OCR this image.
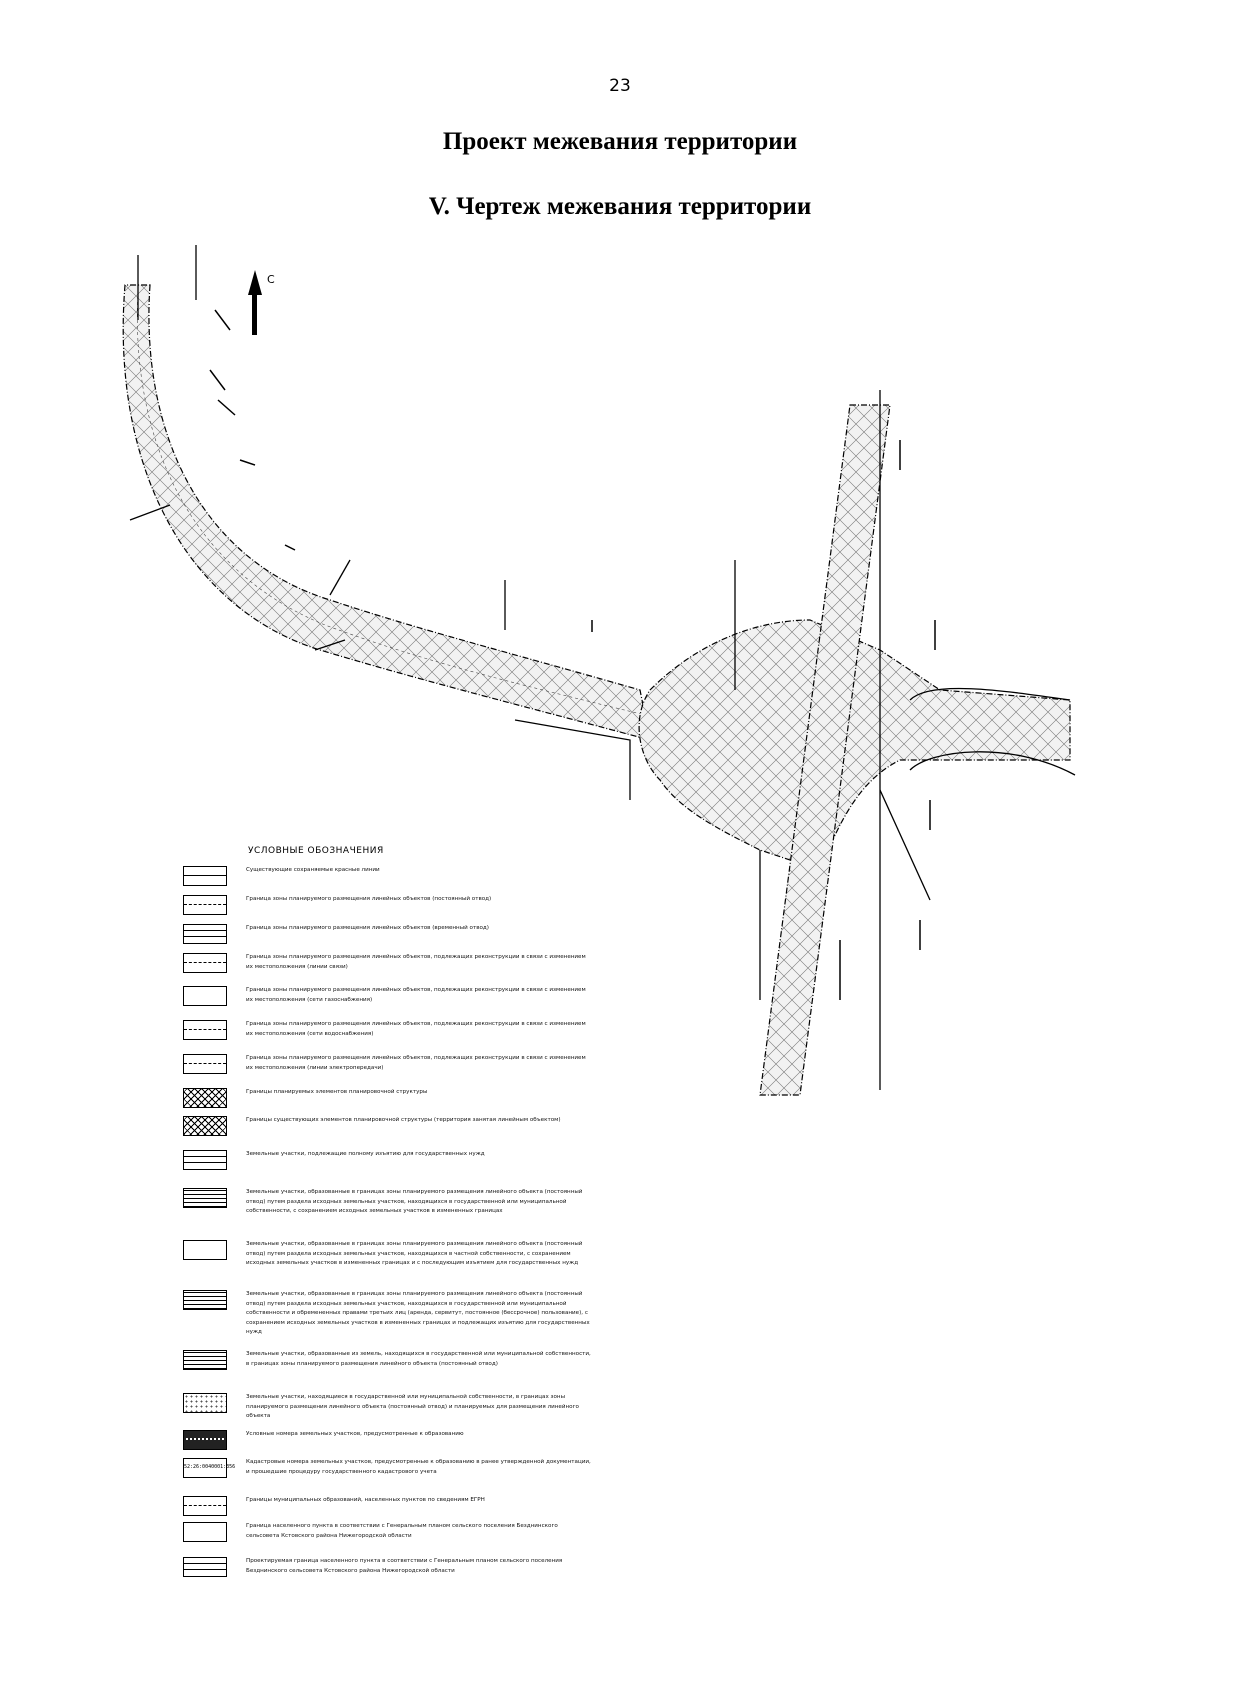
23
Проект межевания территории
V. Чертеж межевания территории
С
УСЛОВНЫЕ ОБОЗНАЧЕНИЯ
Существующие сохраняемые красные линии
Граница зоны планируемого размещения линейных объектов (постоянный отвод)
Граница зоны планируемого размещения линейных объектов (временный отвод)
Граница зоны планируемого размещения линейных объектов, подлежащих реконструкции в связи с изменением их местоположения (линии связи)
Граница зоны планируемого размещения линейных объектов, подлежащих реконструкции в связи с изменением их местоположения (сети газоснабжения)
Граница зоны планируемого размещения линейных объектов, подлежащих реконструкции в связи с изменением их местоположения (сети водоснабжения)
Граница зоны планируемого размещения линейных объектов, подлежащих реконструкции в связи с изменением их местоположения (линии электропередачи)
Границы планируемых элементов планировочной структуры
Границы существующих элементов планировочной структуры (территория занятая линейным объектом)
Земельные участки, подлежащие полному изъятию для государственных нужд
Земельные участки, образованные в границах зоны планируемого размещения линейного объекта (постоянный отвод) путем раздела исходных земельных участков, находящихся в государственной или муниципальной собственности, с сохранением исходных земельных участков в измененных границах
Земельные участки, образованные в границах зоны планируемого размещения линейного объекта (постоянный отвод) путем раздела исходных земельных участков, находящихся в частной собственности, с сохранением исходных земельных участков в измененных границах и с последующим изъятием для государственных нужд
Земельные участки, образованные в границах зоны планируемого размещения линейного объекта (постоянный отвод) путем раздела исходных земельных участков, находящихся в государственной или муниципальной собственности и обремененных правами третьих лиц (аренда, сервитут, постоянное (бессрочное) пользование), с сохранением исходных земельных участков в измененных границах и подлежащих изъятию для государственных нужд
Земельные участки, образованные из земель, находящихся в государственной или муниципальной собственности, в границах зоны планируемого размещения линейного объекта (постоянный отвод)
Земельные участки, находящиеся в государственной или муниципальной собственности, в границах зоны планируемого размещения линейного объекта (постоянный отвод) и планируемых для размещения линейного объекта
Условные номера земельных участков, предусмотренные к образованию
52:26:0040001:356
Кадастровые номера земельных участков, предусмотренные к образованию в ранее утвержденной документации, и прошедшие процедуру государственного кадастрового учета
Границы муниципальных образований, населенных пунктов по сведениям ЕГРН
Граница населенного пункта в соответствии с Генеральным планом сельского поселения Безднинского сельсовета Кстовского района Нижегородской области
Проектируемая граница населенного пункта в соответствии с Генеральным планом сельского поселения Безднинского сельсовета Кстовского района Нижегородской области
